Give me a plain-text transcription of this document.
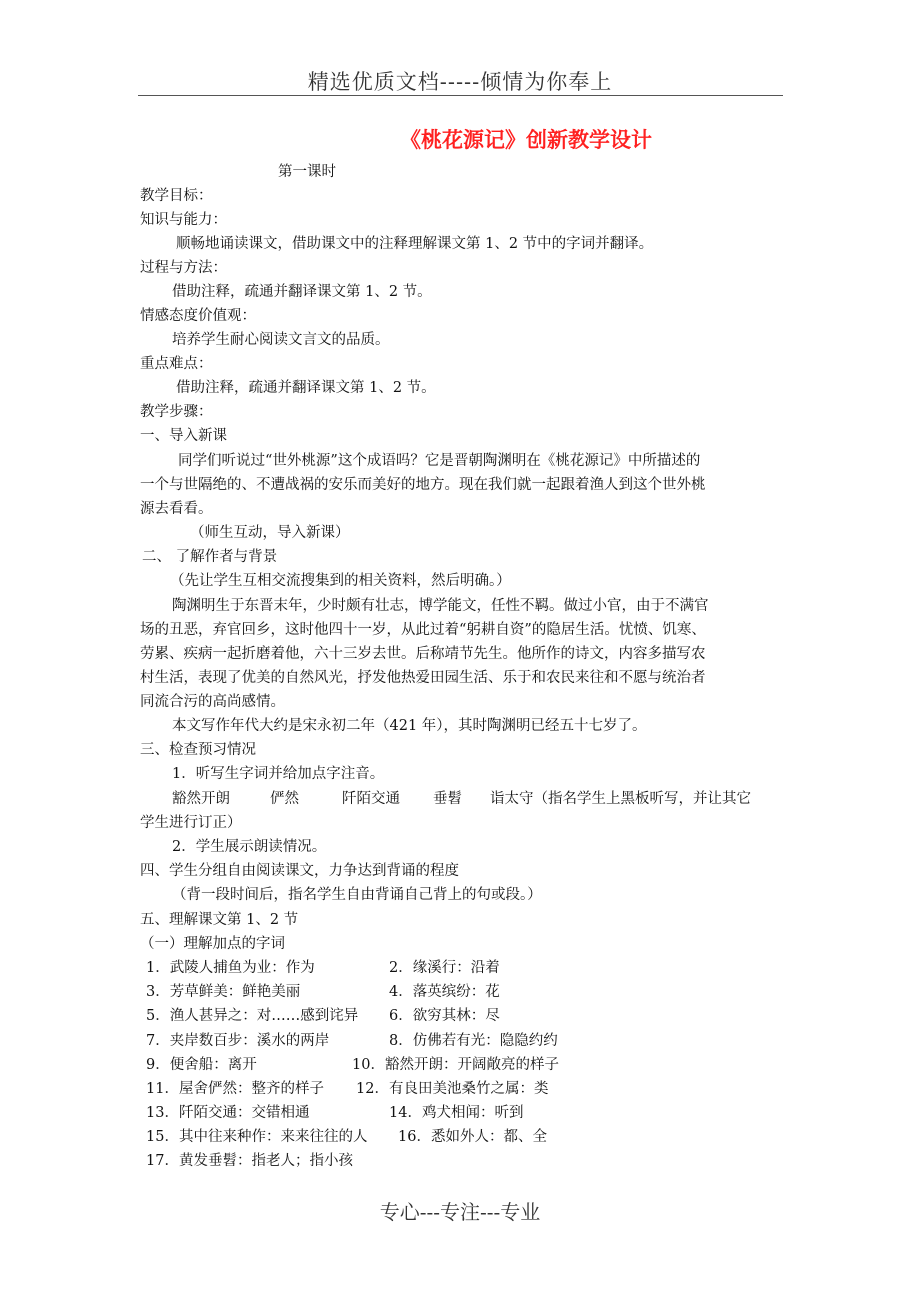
精选优质文档-----倾情为你奉上
《桃花源记》创新教学设计
第一课时
教学目标：
知识与能力：
顺畅地诵读课文，借助课文中的注释理解课文第 1、2 节中的字词并翻译。
过程与方法：
借助注释，疏通并翻译课文第 1、2 节。
情感态度价值观：
培养学生耐心阅读文言文的品质。
重点难点：
借助注释，疏通并翻译课文第 1、2 节。
教学步骤：
一、导入新课
同学们听说过“世外桃源”这个成语吗？它是晋朝陶渊明在《桃花源记》中所描述的
一个与世隔绝的、不遭战祸的安乐而美好的地方。现在我们就一起跟着渔人到这个世外桃
源去看看。
（师生互动，导入新课）
二、 了解作者与背景
（先让学生互相交流搜集到的相关资料，然后明确。）
陶渊明生于东晋末年，少时颇有壮志，博学能文，任性不羁。做过小官，由于不满官
场的丑恶，弃官回乡，这时他四十一岁，从此过着“躬耕自资”的隐居生活。忧愤、饥寒、
劳累、疾病一起折磨着他，六十三岁去世。后称靖节先生。他所作的诗文，内容多描写农
村生活，表现了优美的自然风光，抒发他热爱田园生活、乐于和农民来往和不愿与统治者
同流合污的高尚感情。
本文写作年代大约是宋永初二年（421 年），其时陶渊明已经五十七岁了。
三、检查预习情况
1．听写生字词并给加点字注音。
豁然开朗	俨然	阡陌交通 垂髫 诣太守（指名学生上黑板听写，并让其它
学生进行订正）
2．学生展示朗读情况。
四、学生分组自由阅读课文，力争达到背诵的程度
（背一段时间后，指名学生自由背诵自己背上的句或段。）
五、理解课文第 1、2 节
（一）理解加点的字词
1．武陵人捕鱼为业：作为	2．缘溪行：沿着
3．芳草鲜美：鲜艳美丽	4．落英缤纷：花
5．渔人甚异之：对……感到诧异 6．欲穷其林：尽
7．夹岸数百步：溪水的两岸	8．仿佛若有光：隐隐约约
9．便舍船：离开	10．豁然开朗：开阔敞亮的样子
11．屋舍俨然：整齐的样子 12．有良田美池桑竹之属：类
13．阡陌交通：交错相通	14．鸡犬相闻：听到
15．其中往来种作：来来往往的人 16．悉如外人：都、全
17．黄发垂髫：指老人；指小孩
专心---专注---专业
